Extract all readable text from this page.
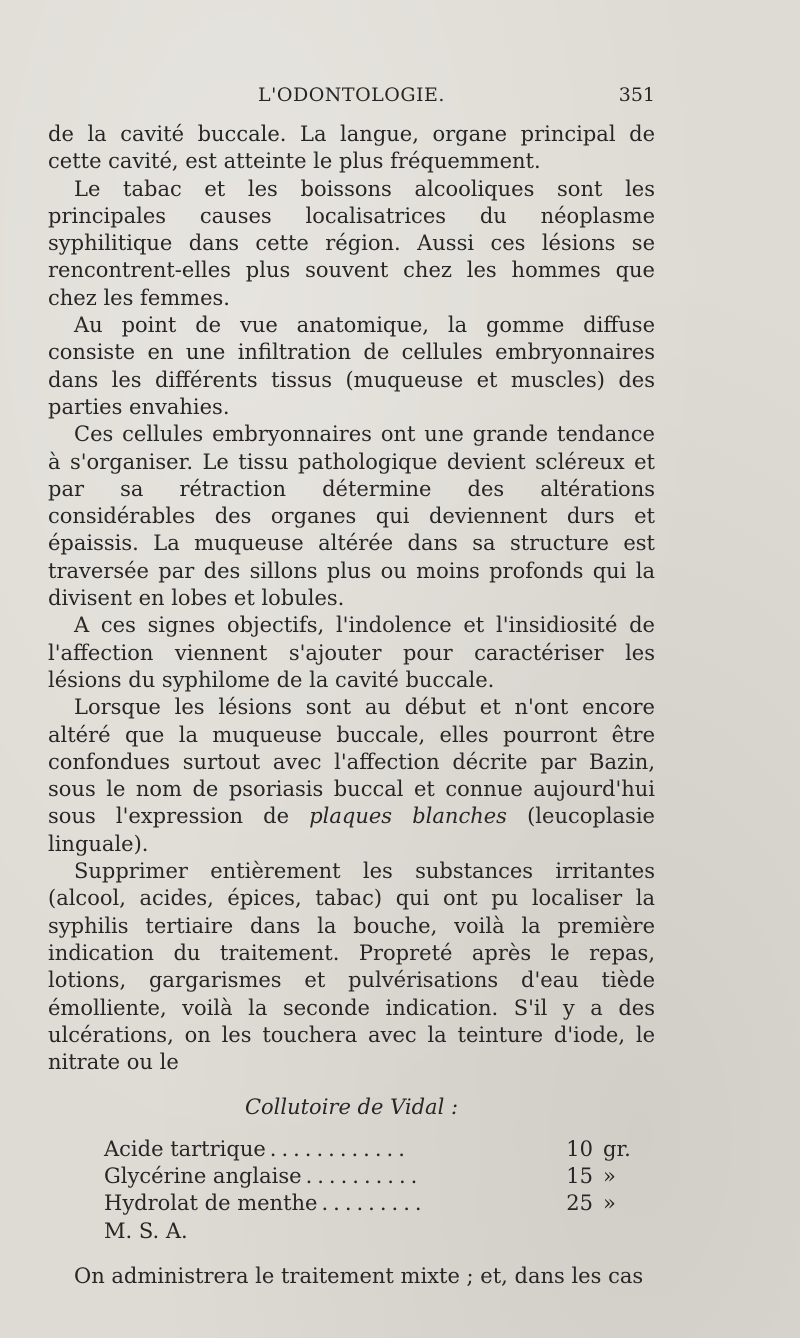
L'ODONTOLOGIE.	351

de la cavité buccale. La langue, organe principal de cette cavité, est atteinte le plus fréquemment.

Le tabac et les boissons alcooliques sont les principales causes localisatrices du néoplasme syphilitique dans cette région. Aussi ces lésions se rencontrent-elles plus souvent chez les hommes que chez les femmes.

Au point de vue anatomique, la gomme diffuse consiste en une infiltration de cellules embryonnaires dans les différents tissus (muqueuse et muscles) des parties envahies.

Ces cellules embryonnaires ont une grande tendance à s'organiser. Le tissu pathologique devient scléreux et par sa rétraction détermine des altérations considérables des organes qui deviennent durs et épaissis. La muqueuse altérée dans sa structure est traversée par des sillons plus ou moins profonds qui la divisent en lobes et lobules.

A ces signes objectifs, l'indolence et l'insidiosité de l'affection viennent s'ajouter pour caractériser les lésions du syphilome de la cavité buccale.

Lorsque les lésions sont au début et n'ont encore altéré que la muqueuse buccale, elles pourront être confondues surtout avec l'affection décrite par Bazin, sous le nom de psoriasis buccal et connue aujourd'hui sous l'expression de plaques blanches (leucoplasie linguale).

Supprimer entièrement les substances irritantes (alcool, acides, épices, tabac) qui ont pu localiser la syphilis tertiaire dans la bouche, voilà la première indication du traitement. Propreté après le repas, lotions, gargarismes et pulvérisations d'eau tiède émolliente, voilà la seconde indication. S'il y a des ulcérations, on les touchera avec la teinture d'iode, le nitrate ou le

Collutoire de Vidal :

Acide tartrique ............	10 gr.
Glycérine anglaise ..........	15 »
Hydrolat de menthe .........	25 »
M. S. A.

On administrera le traitement mixte ; et, dans les cas
